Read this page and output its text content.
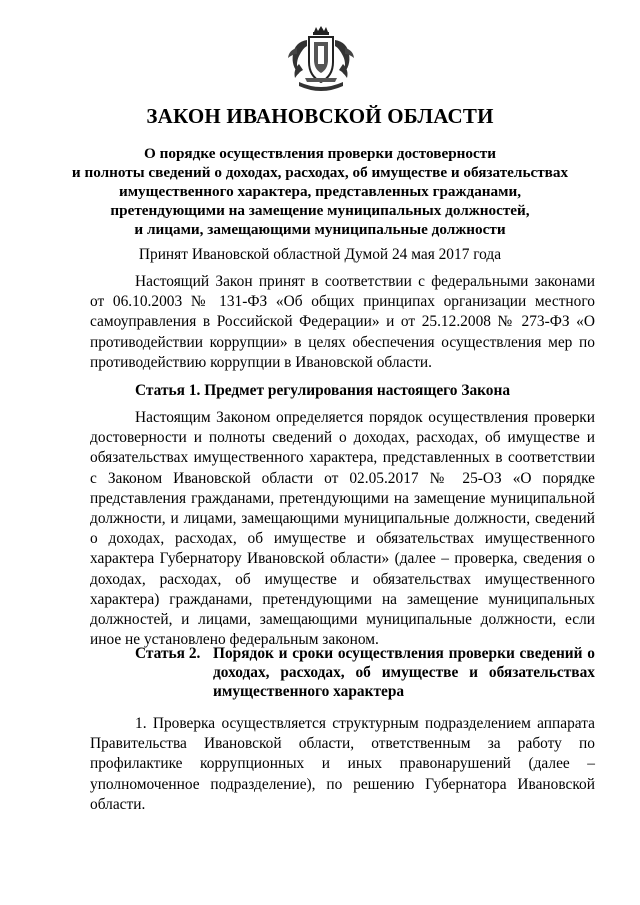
ЗАКОН ИВАНОВСКОЙ ОБЛАСТИ
О порядке осуществления проверки достоверности
и полноты сведений о доходах, расходах, об имуществе и обязательствах
имущественного характера, представленных гражданами,
претендующими на замещение муниципальных должностей,
и лицами, замещающими муниципальные должности
Принят Ивановской областной Думой 24 мая 2017 года

Настоящий Закон принят в соответствии с федеральными законами от 06.10.2003 № 131-ФЗ «Об общих принципах организации местного самоуправления в Российской Федерации» и от 25.12.2008 № 273-ФЗ «О противодействии коррупции» в целях обеспечения осуществления мер по противодействию коррупции в Ивановской области.

Статья 1. Предмет регулирования настоящего Закона

Настоящим Законом определяется порядок осуществления проверки достоверности и полноты сведений о доходах, расходах, об имуществе и обязательствах имущественного характера, представленных в соответствии с Законом Ивановской области от 02.05.2017 № 25-ОЗ «О порядке представления гражданами, претендующими на замещение муниципальной должности, и лицами, замещающими муниципальные должности, сведений о доходах, расходах, об имуществе и обязательствах имущественного характера Губернатору Ивановской области» (далее – проверка, сведения о доходах, расходах, об имуществе и обязательствах имущественного характера) гражданами, претендующими на замещение муниципальных должностей, и лицами, замещающими муниципальные должности, если иное не установлено федеральным законом.

Статья 2. Порядок и сроки осуществления проверки сведений о доходах, расходах, об имуществе и обязательствах имущественного характера

1. Проверка осуществляется структурным подразделением аппарата Правительства Ивановской области, ответственным за работу по профилактике коррупционных и иных правонарушений (далее – уполномоченное подразделение), по решению Губернатора Ивановской области.
